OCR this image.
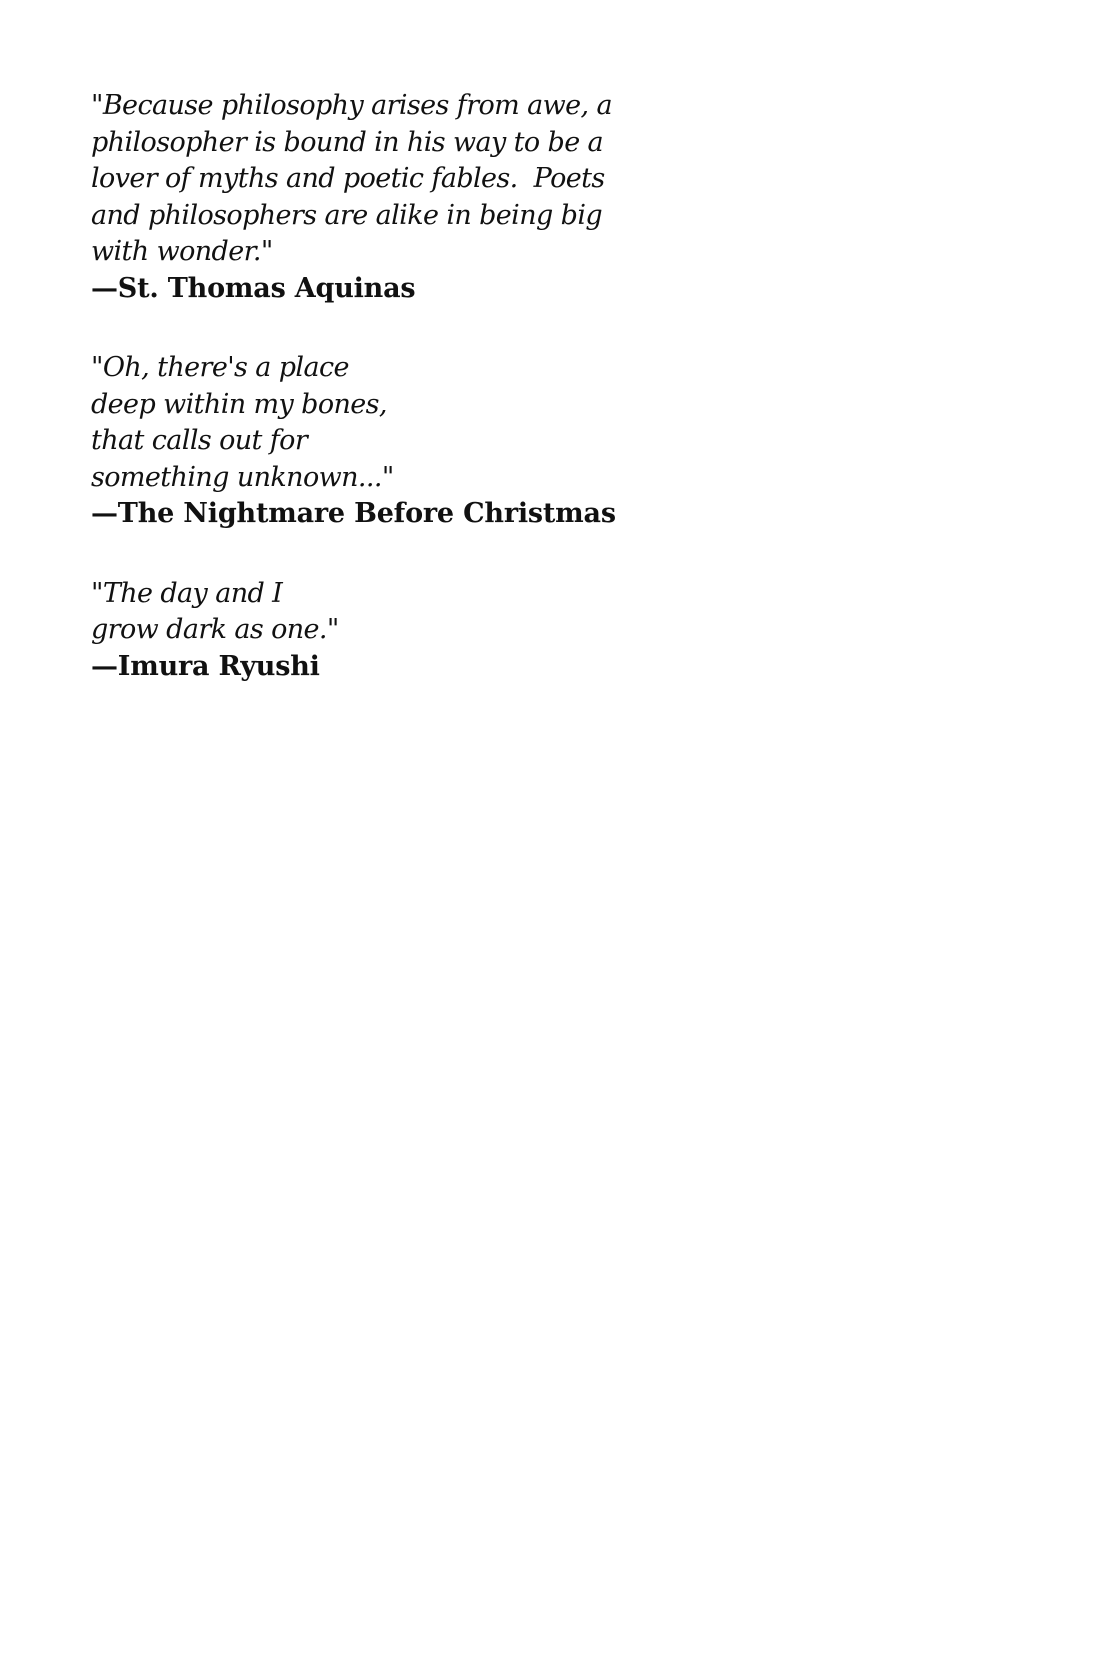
"Because philosophy arises from awe, a
philosopher is bound in his way to be a
lover of myths and poetic fables.  Poets
and philosophers are alike in being big
with wonder."
—St. Thomas Aquinas
"Oh, there's a place
deep within my bones,
that calls out for
something unknown..."
—The Nightmare Before Christmas
"The day and I
grow dark as one."
—Imura Ryushi
